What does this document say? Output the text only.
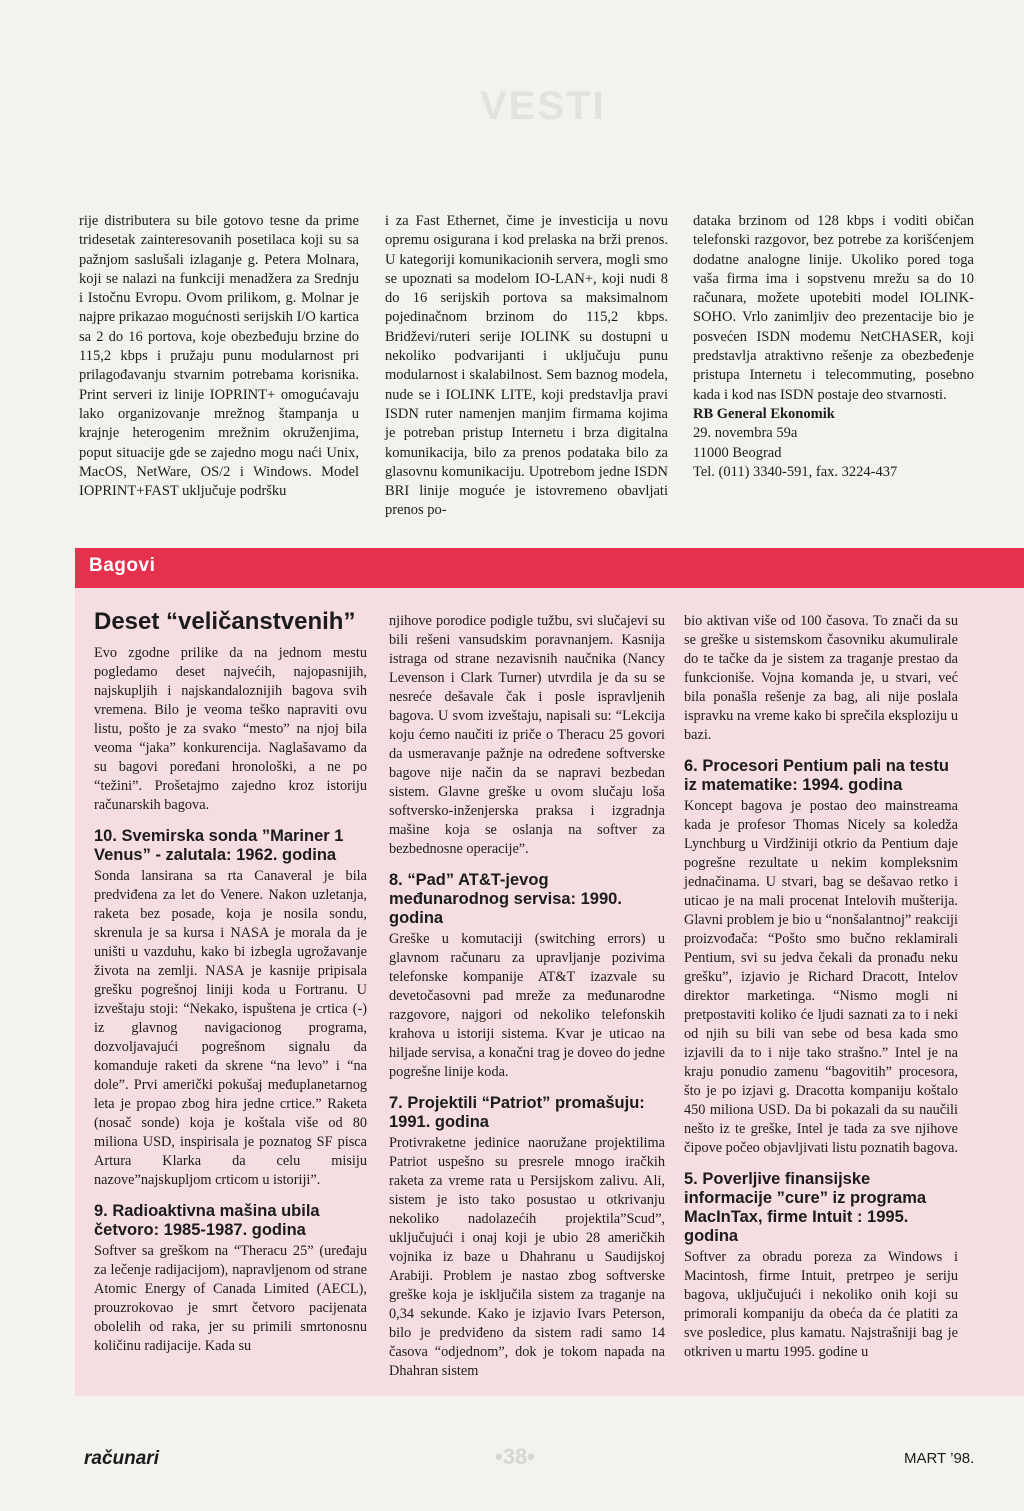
VESTI

rije distributera su bile gotovo tesne da prime tridesetak zainteresovanih posetilaca koji su sa pažnjom saslušali izlaganje g. Petera Molnara, koji se nalazi na funkciji menadžera za Srednju i Istočnu Evropu. Ovom prilikom, g. Molnar je najpre prikazao mogućnosti serijskih I/O kartica sa 2 do 16 portova, koje obezbeđuju brzine do 115,2 kbps i pružaju punu modularnost pri prilagođavanju stvarnim potrebama korisnika. Print serveri iz linije IOPRINT+ omogućavaju lako organizovanje mrežnog štampanja u krajnje heterogenim mrežnim okruženjima, poput situacije gde se zajedno mogu naći Unix, MacOS, NetWare, OS/2 i Windows. Model IOPRINT+FAST uključuje podršku

i za Fast Ethernet, čime je investicija u novu opremu osigurana i kod prelaska na brži prenos. U kategoriji komunikacionih servera, mogli smo se upoznati sa modelom IO-LAN+, koji nudi 8 do 16 serijskih portova sa maksimalnom pojedinačnom brzinom do 115,2 kbps. Bridževi/ruteri serije IOLINK su dostupni u nekoliko podvarijanti i uključuju punu modularnost i skalabilnost. Sem baznog modela, nude se i IOLINK LITE, koji predstavlja pravi ISDN ruter namenjen manjim firmama kojima je potreban pristup Internetu i brza digitalna komunikacija, bilo za prenos podataka bilo za glasovnu komunikaciju. Upotrebom jedne ISDN BRI linije moguće je istovremeno obavljati prenos po-

dataka brzinom od 128 kbps i voditi običan telefonski razgovor, bez potrebe za korišćenjem dodatne analogne linije. Ukoliko pored toga vaša firma ima i sopstvenu mrežu sa do 10 računara, možete upotebiti model IOLINK-SOHO. Vrlo zanimljiv deo prezentacije bio je posvećen ISDN modemu NetCHASER, koji predstavlja atraktivno rešenje za obezbeđenje pristupa Internetu i telecommuting, posebno kada i kod nas ISDN postaje deo stvarnosti.

RB General Ekonomik

29. novembra 59a

11000 Beograd

Tel. (011) 3340-591, fax. 3224-437

Bagovi
Deset “veličanstvenih”

Evo zgodne prilike da na jednom mestu pogledamo deset najvećih, najopasnijih, najskupljih i najskandaloznijih bagova svih vremena. Bilo je veoma teško napraviti ovu listu, pošto je za svako “mesto” na njoj bila veoma “jaka” konkurencija. Naglašavamo da su bagovi poređani hronološki, a ne po “težini”. Prošetajmo zajedno kroz istoriju računarskih bagova.

10. Svemirska sonda ”Mariner 1 Venus” - zalutala: 1962. godina

Sonda lansirana sa rta Canaveral je bila predviđena za let do Venere. Nakon uzletanja, raketa bez posade, koja je nosila sondu, skrenula je sa kursa i NASA je morala da je uništi u vazduhu, kako bi izbegla ugrožavanje života na zemlji. NASA je kasnije pripisala grešku pogrešnoj liniji koda u Fortranu. U izveštaju stoji: “Nekako, ispuštena je crtica (-) iz glavnog navigacionog programa, dozvoljavajući pogrešnom signalu da komanduje raketi da skrene “na levo” i “na dole”. Prvi američki pokušaj međuplanetarnog leta je propao zbog hira jedne crtice.” Raketa (nosač sonde) koja je koštala više od 80 miliona USD, inspirisala je poznatog SF pisca Artura Klarka da celu misiju nazove”najskupljom crticom u istoriji”.

9. Radioaktivna mašina ubila četvoro: 1985-1987. godina

Softver sa greškom na “Theracu 25” (uređaju za lečenje radijacijom), napravljenom od strane Atomic Energy of Canada Limited (AECL), prouzrokovao je smrt četvoro pacijenata obolelih od raka, jer su primili smrtonosnu količinu radijacije. Kada su

njihove porodice podigle tužbu, svi slučajevi su bili rešeni vansudskim poravnanjem. Kasnija istraga od strane nezavisnih naučnika (Nancy Levenson i Clark Turner) utvrdila je da su se nesreće dešavale čak i posle ispravljenih bagova. U svom izveštaju, napisali su: “Lekcija koju ćemo naučiti iz priče o Theracu 25 govori da usmeravanje pažnje na određene softverske bagove nije način da se napravi bezbedan sistem. Glavne greške u ovom slučaju loša softversko-inženjerska praksa i izgradnja mašine koja se oslanja na softver za bezbednosne operacije”.

8. “Pad” AT&T-jevog međunarodnog servisa: 1990. godina

Greške u komutaciji (switching errors) u glavnom računaru za upravljanje pozivima telefonske kompanije AT&T izazvale su devetočasovni pad mreže za međunarodne razgovore, najgori od nekoliko telefonskih krahova u istoriji sistema. Kvar je uticao na hiljade servisa, a konačni trag je doveo do jedne pogrešne linije koda.

7. Projektili “Patriot” promašuju: 1991. godina

Protivraketne jedinice naoružane projektilima Patriot uspešno su presrele mnogo iračkih raketa za vreme rata u Persijskom zalivu. Ali, sistem je isto tako posustao u otkrivanju nekoliko nadolazećih projektila”Scud”, uključujući i onaj koji je ubio 28 američkih vojnika iz baze u Dhahranu u Saudijskoj Arabiji. Problem je nastao zbog softverske greške koja je isključila sistem za traganje na 0,34 sekunde. Kako je izjavio Ivars Peterson, bilo je predviđeno da sistem radi samo 14 časova “odjednom”, dok je tokom napada na Dhahran sistem

bio aktivan više od 100 časova. To znači da su se greške u sistemskom časovniku akumulirale do te tačke da je sistem za traganje prestao da funkcioniše. Vojna komanda je, u stvari, već bila ponašla rešenje za bag, ali nije poslala ispravku na vreme kako bi sprečila eksploziju u bazi.

6. Procesori Pentium pali na testu iz matematike: 1994. godina

Koncept bagova je postao deo mainstreama kada je profesor Thomas Nicely sa koledža Lynchburg u Virdžiniji otkrio da Pentium daje pogrešne rezultate u nekim kompleksnim jednačinama. U stvari, bag se dešavao retko i uticao je na mali procenat Intelovih mušterija. Glavni problem je bio u “nonšalantnoj” reakciji proizvođača: “Pošto smo bučno reklamirali Pentium, svi su jedva čekali da pronađu neku grešku”, izjavio je Richard Dracott, Intelov direktor marketinga. “Nismo mogli ni pretpostaviti koliko će ljudi saznati za to i neki od njih su bili van sebe od besa kada smo izjavili da to i nije tako strašno.” Intel je na kraju ponudio zamenu “bagovitih” procesora, što je po izjavi g. Dracotta kompaniju koštalo 450 miliona USD. Da bi pokazali da su naučili nešto iz te greške, Intel je tada za sve njihove čipove počeo objavljivati listu poznatih bagova.

5. Poverljive finansijske informacije ”cure” iz programa MacInTax, firme Intuit : 1995. godina

Softver za obradu poreza za Windows i Macintosh, firme Intuit, pretrpeo je seriju bagova, uključujući i nekoliko onih koji su primorali kompaniju da obeća da će platiti za sve posledice, plus kamatu. Najstrašniji bag je otkriven u martu 1995. godine u

računari	•38•	MART ’98.
